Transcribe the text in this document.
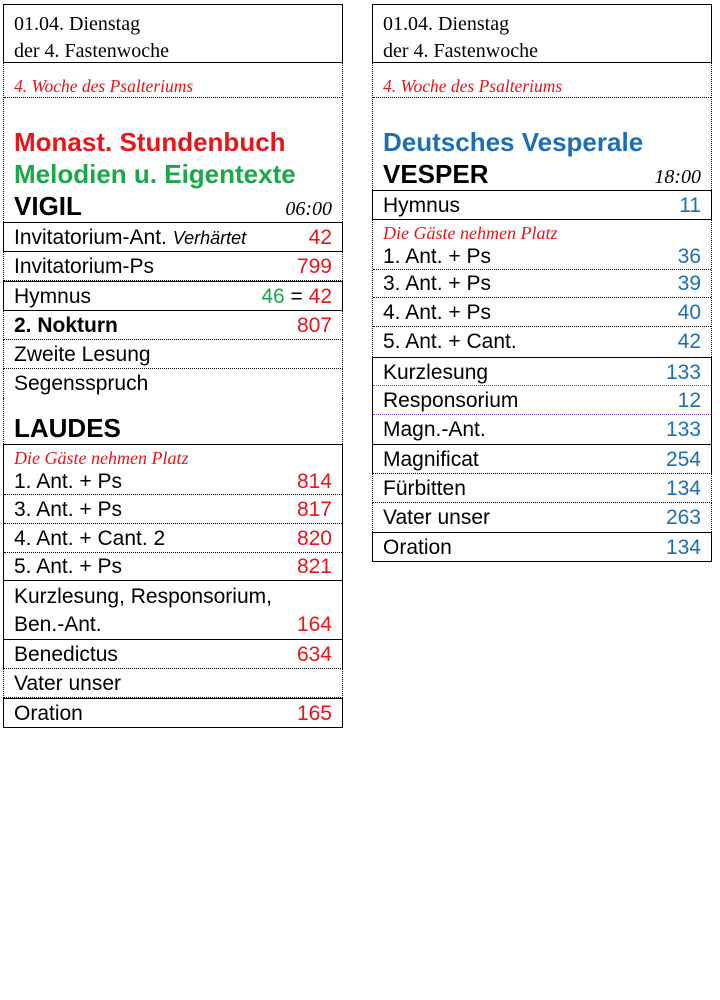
01.04. Dienstag
der 4. Fastenwoche
4. Woche des Psalteriums
Monast. Stundenbuch
Melodien u. Eigentexte
VIGIL	06:00
Invitatorium-Ant. Verhärtet	42
Invitatorium-Ps	799
Hymnus	46 = 42
2. Nokturn	807
Zweite Lesung
Segensspruch
LAUDES
Die Gäste nehmen Platz
1. Ant. + Ps	814
3. Ant. + Ps	817
4. Ant. + Cant. 2	820
5. Ant. + Ps	821
Kurzlesung, Responsorium,
Ben.-Ant.	164
Benedictus	634
Vater unser
Oration	165
01.04. Dienstag
der 4. Fastenwoche
4. Woche des Psalteriums
Deutsches Vesperale
VESPER	18:00
Hymnus	11
Die Gäste nehmen Platz
1. Ant. + Ps	36
3. Ant. + Ps	39
4. Ant. + Ps	40
5. Ant. + Cant.	42
Kurzlesung	133
Responsorium	12
Magn.-Ant.	133
Magnificat	254
Fürbitten	134
Vater unser	263
Oration	134
